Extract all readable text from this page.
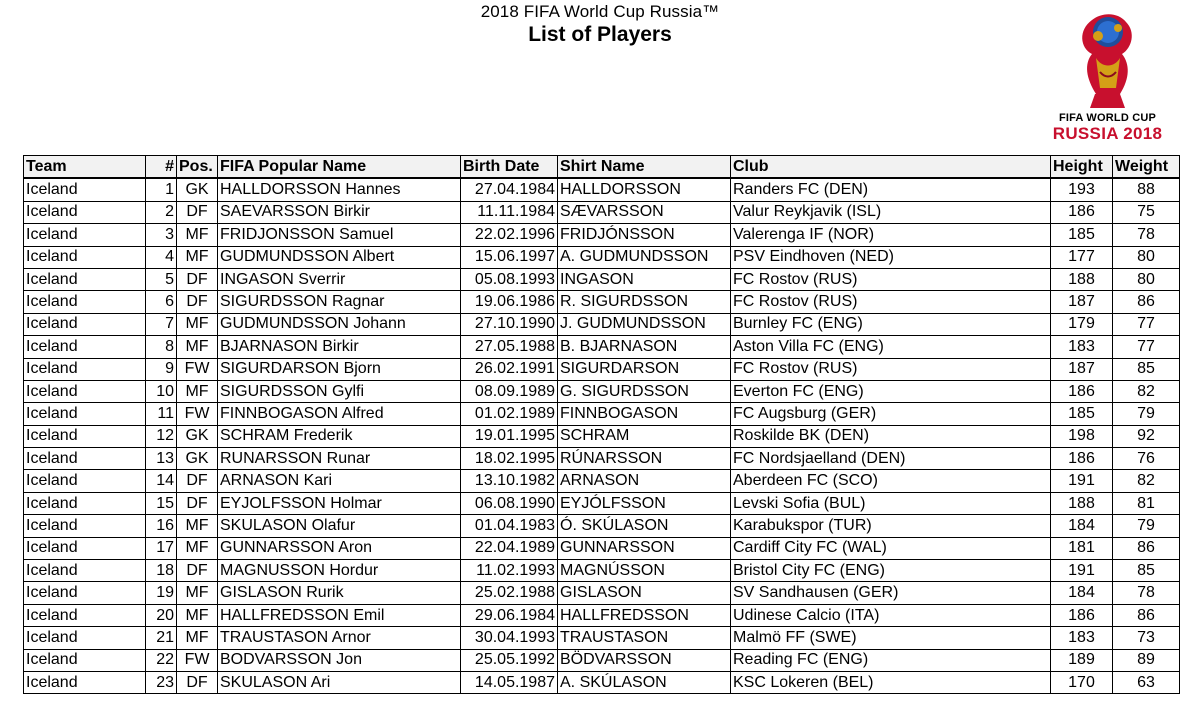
2018 FIFA World Cup Russia™
List of Players
FIFA WORLD CUP
RUSSIA 2018
Team	#	Pos.	FIFA Popular Name	Birth Date	Shirt Name	Club	Height	Weight
Iceland	1	GK	HALLDORSSON Hannes	27.04.1984	HALLDORSSON	Randers FC (DEN)	193	88
Iceland	2	DF	SAEVARSSON Birkir	11.11.1984	SÆVARSSON	Valur Reykjavik (ISL)	186	75
Iceland	3	MF	FRIDJONSSON Samuel	22.02.1996	FRIDJÓNSSON	Valerenga IF (NOR)	185	78
Iceland	4	MF	GUDMUNDSSON Albert	15.06.1997	A. GUDMUNDSSON	PSV Eindhoven (NED)	177	80
Iceland	5	DF	INGASON Sverrir	05.08.1993	INGASON	FC Rostov (RUS)	188	80
Iceland	6	DF	SIGURDSSON Ragnar	19.06.1986	R. SIGURDSSON	FC Rostov (RUS)	187	86
Iceland	7	MF	GUDMUNDSSON Johann	27.10.1990	J. GUDMUNDSSON	Burnley FC (ENG)	179	77
Iceland	8	MF	BJARNASON Birkir	27.05.1988	B. BJARNASON	Aston Villa FC (ENG)	183	77
Iceland	9	FW	SIGURDARSON Bjorn	26.02.1991	SIGURDARSON	FC Rostov (RUS)	187	85
Iceland	10	MF	SIGURDSSON Gylfi	08.09.1989	G. SIGURDSSON	Everton FC (ENG)	186	82
Iceland	11	FW	FINNBOGASON Alfred	01.02.1989	FINNBOGASON	FC Augsburg (GER)	185	79
Iceland	12	GK	SCHRAM Frederik	19.01.1995	SCHRAM	Roskilde BK (DEN)	198	92
Iceland	13	GK	RUNARSSON Runar	18.02.1995	RÚNARSSON	FC Nordsjaelland (DEN)	186	76
Iceland	14	DF	ARNASON Kari	13.10.1982	ARNASON	Aberdeen FC (SCO)	191	82
Iceland	15	DF	EYJOLFSSON Holmar	06.08.1990	EYJÓLFSSON	Levski Sofia (BUL)	188	81
Iceland	16	MF	SKULASON Olafur	01.04.1983	Ó. SKÚLASON	Karabukspor (TUR)	184	79
Iceland	17	MF	GUNNARSSON Aron	22.04.1989	GUNNARSSON	Cardiff City FC (WAL)	181	86
Iceland	18	DF	MAGNUSSON Hordur	11.02.1993	MAGNÚSSON	Bristol City FC (ENG)	191	85
Iceland	19	MF	GISLASON Rurik	25.02.1988	GISLASON	SV Sandhausen (GER)	184	78
Iceland	20	MF	HALLFREDSSON Emil	29.06.1984	HALLFREDSSON	Udinese Calcio (ITA)	186	86
Iceland	21	MF	TRAUSTASON Arnor	30.04.1993	TRAUSTASON	Malmö FF (SWE)	183	73
Iceland	22	FW	BODVARSSON Jon	25.05.1992	BÖDVARSSON	Reading FC (ENG)	189	89
Iceland	23	DF	SKULASON Ari	14.05.1987	A. SKÚLASON	KSC Lokeren (BEL)	170	63
